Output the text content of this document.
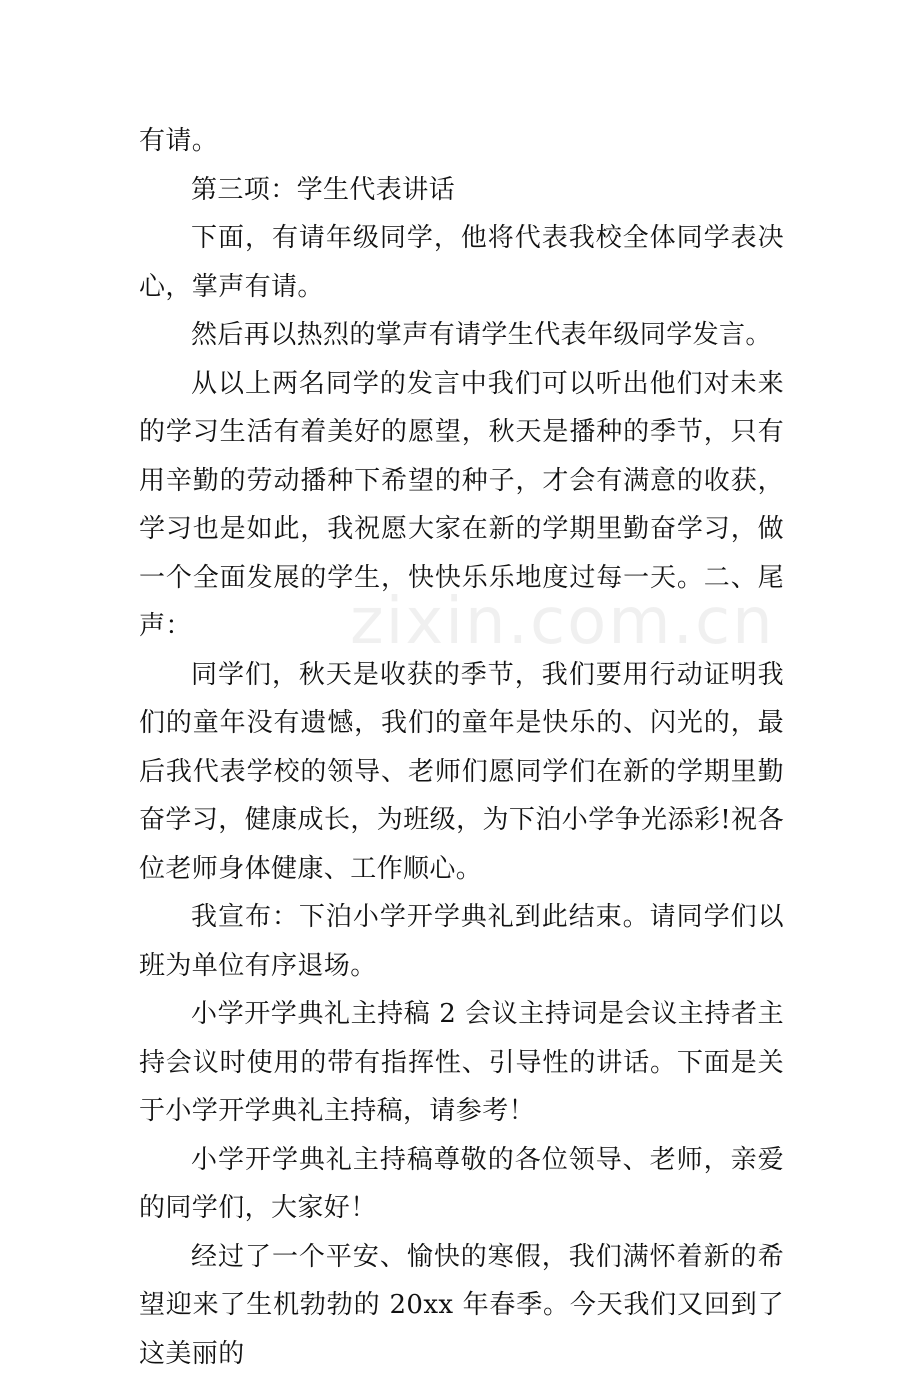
有请。

第三项：学生代表讲话

下面，有请年级同学，他将代表我校全体同学表决心，掌声有请。

然后再以热烈的掌声有请学生代表年级同学发言。

从以上两名同学的发言中我们可以听出他们对未来的学习生活有着美好的愿望，秋天是播种的季节，只有用辛勤的劳动播种下希望的种子，才会有满意的收获，学习也是如此，我祝愿大家在新的学期里勤奋学习，做一个全面发展的学生，快快乐乐地度过每一天。二、尾声：

同学们，秋天是收获的季节，我们要用行动证明我们的童年没有遗憾，我们的童年是快乐的、闪光的，最后我代表学校的领导、老师们愿同学们在新的学期里勤奋学习，健康成长，为班级，为下泊小学争光添彩!祝各位老师身体健康、工作顺心。

我宣布：下泊小学开学典礼到此结束。请同学们以班为单位有序退场。

小学开学典礼主持稿 2 会议主持词是会议主持者主持会议时使用的带有指挥性、引导性的讲话。下面是关于小学开学典礼主持稿，请参考！

小学开学典礼主持稿尊敬的各位领导、老师，亲爱的同学们，大家好！

经过了一个平安、愉快的寒假，我们满怀着新的希望迎来了生机勃勃的 20xx 年春季。今天我们又回到了这美丽的

zixin.com.cn
